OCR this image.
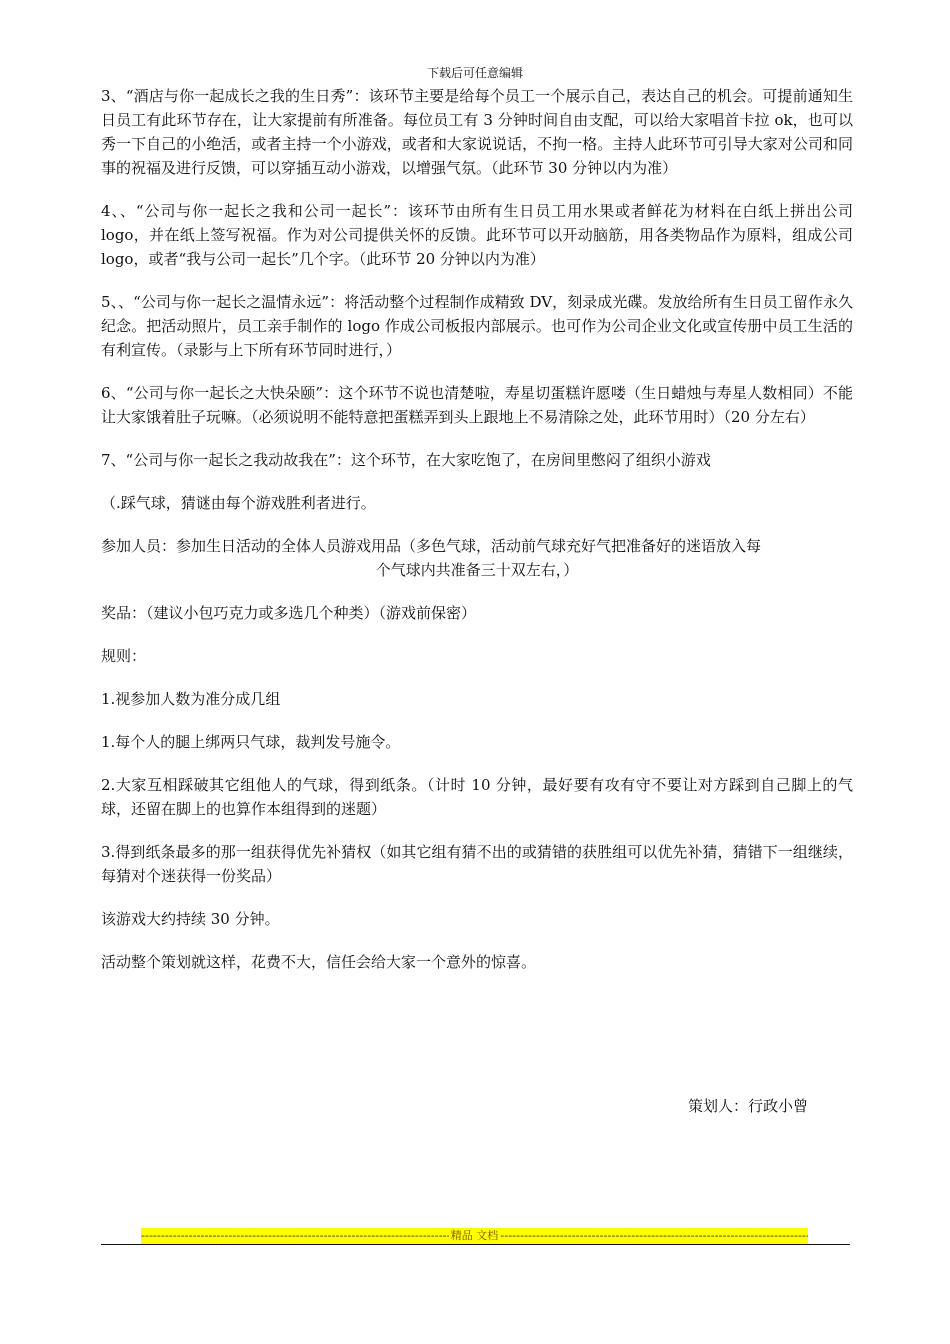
下载后可任意编辑

3、“酒店与你一起成长之我的生日秀”：该环节主要是给每个员工一个展示自己，表达自己的机会。可提前通知生日员工有此环节存在，让大家提前有所准备。每位员工有 3 分钟时间自由支配，可以给大家唱首卡拉 ok，也可以秀一下自己的小绝活，或者主持一个小游戏，或者和大家说说话，不拘一格。主持人此环节可引导大家对公司和同事的祝福及进行反馈，可以穿插互动小游戏，以增强气氛。（此环节 30 分钟以内为准）

4、、“公司与你一起长之我和公司一起长”：该环节由所有生日员工用水果或者鲜花为材料在白纸上拼出公司 logo，并在纸上签写祝福。作为对公司提供关怀的反馈。此环节可以开动脑筋，用各类物品作为原料，组成公司 logo，或者“我与公司一起长”几个字。（此环节 20 分钟以内为准）

5、、“公司与你一起长之温情永远”：将活动整个过程制作成精致 DV，刻录成光碟。发放给所有生日员工留作永久纪念。把活动照片，员工亲手制作的 logo 作成公司板报内部展示。也可作为公司企业文化或宣传册中员工生活的有利宣传。（录影与上下所有环节同时进行，）

6、“公司与你一起长之大快朵颐”：这个环节不说也清楚啦，寿星切蛋糕许愿喽（生日蜡烛与寿星人数相同）不能让大家饿着肚子玩嘛。（必须说明不能特意把蛋糕弄到头上跟地上不易清除之处，此环节用时）（20 分左右）

7、“公司与你一起长之我动故我在”：这个环节，在大家吃饱了，在房间里憋闷了组织小游戏

（.踩气球，猜谜由每个游戏胜利者进行。

参加人员：参加生日活动的全体人员游戏用品（多色气球，活动前气球充好气把准备好的迷语放入每

个气球内共准备三十双左右，）

奖品：（建议小包巧克力或多选几个种类）（游戏前保密）

规则：

1.视参加人数为准分成几组

1.每个人的腿上绑两只气球，裁判发号施令。

2.大家互相踩破其它组他人的气球，得到纸条。（计时 10 分钟，最好要有攻有守不要让对方踩到自己脚上的气球，还留在脚上的也算作本组得到的迷题）

3.得到纸条最多的那一组获得优先补猜权（如其它组有猜不出的或猜错的获胜组可以优先补猜，猜错下一组继续，每猜对个迷获得一份奖品）

该游戏大约持续 30 分钟。

活动整个策划就这样，花费不大，信任会给大家一个意外的惊喜。

策划人：行政小曾
-----
精品 文档
-----
